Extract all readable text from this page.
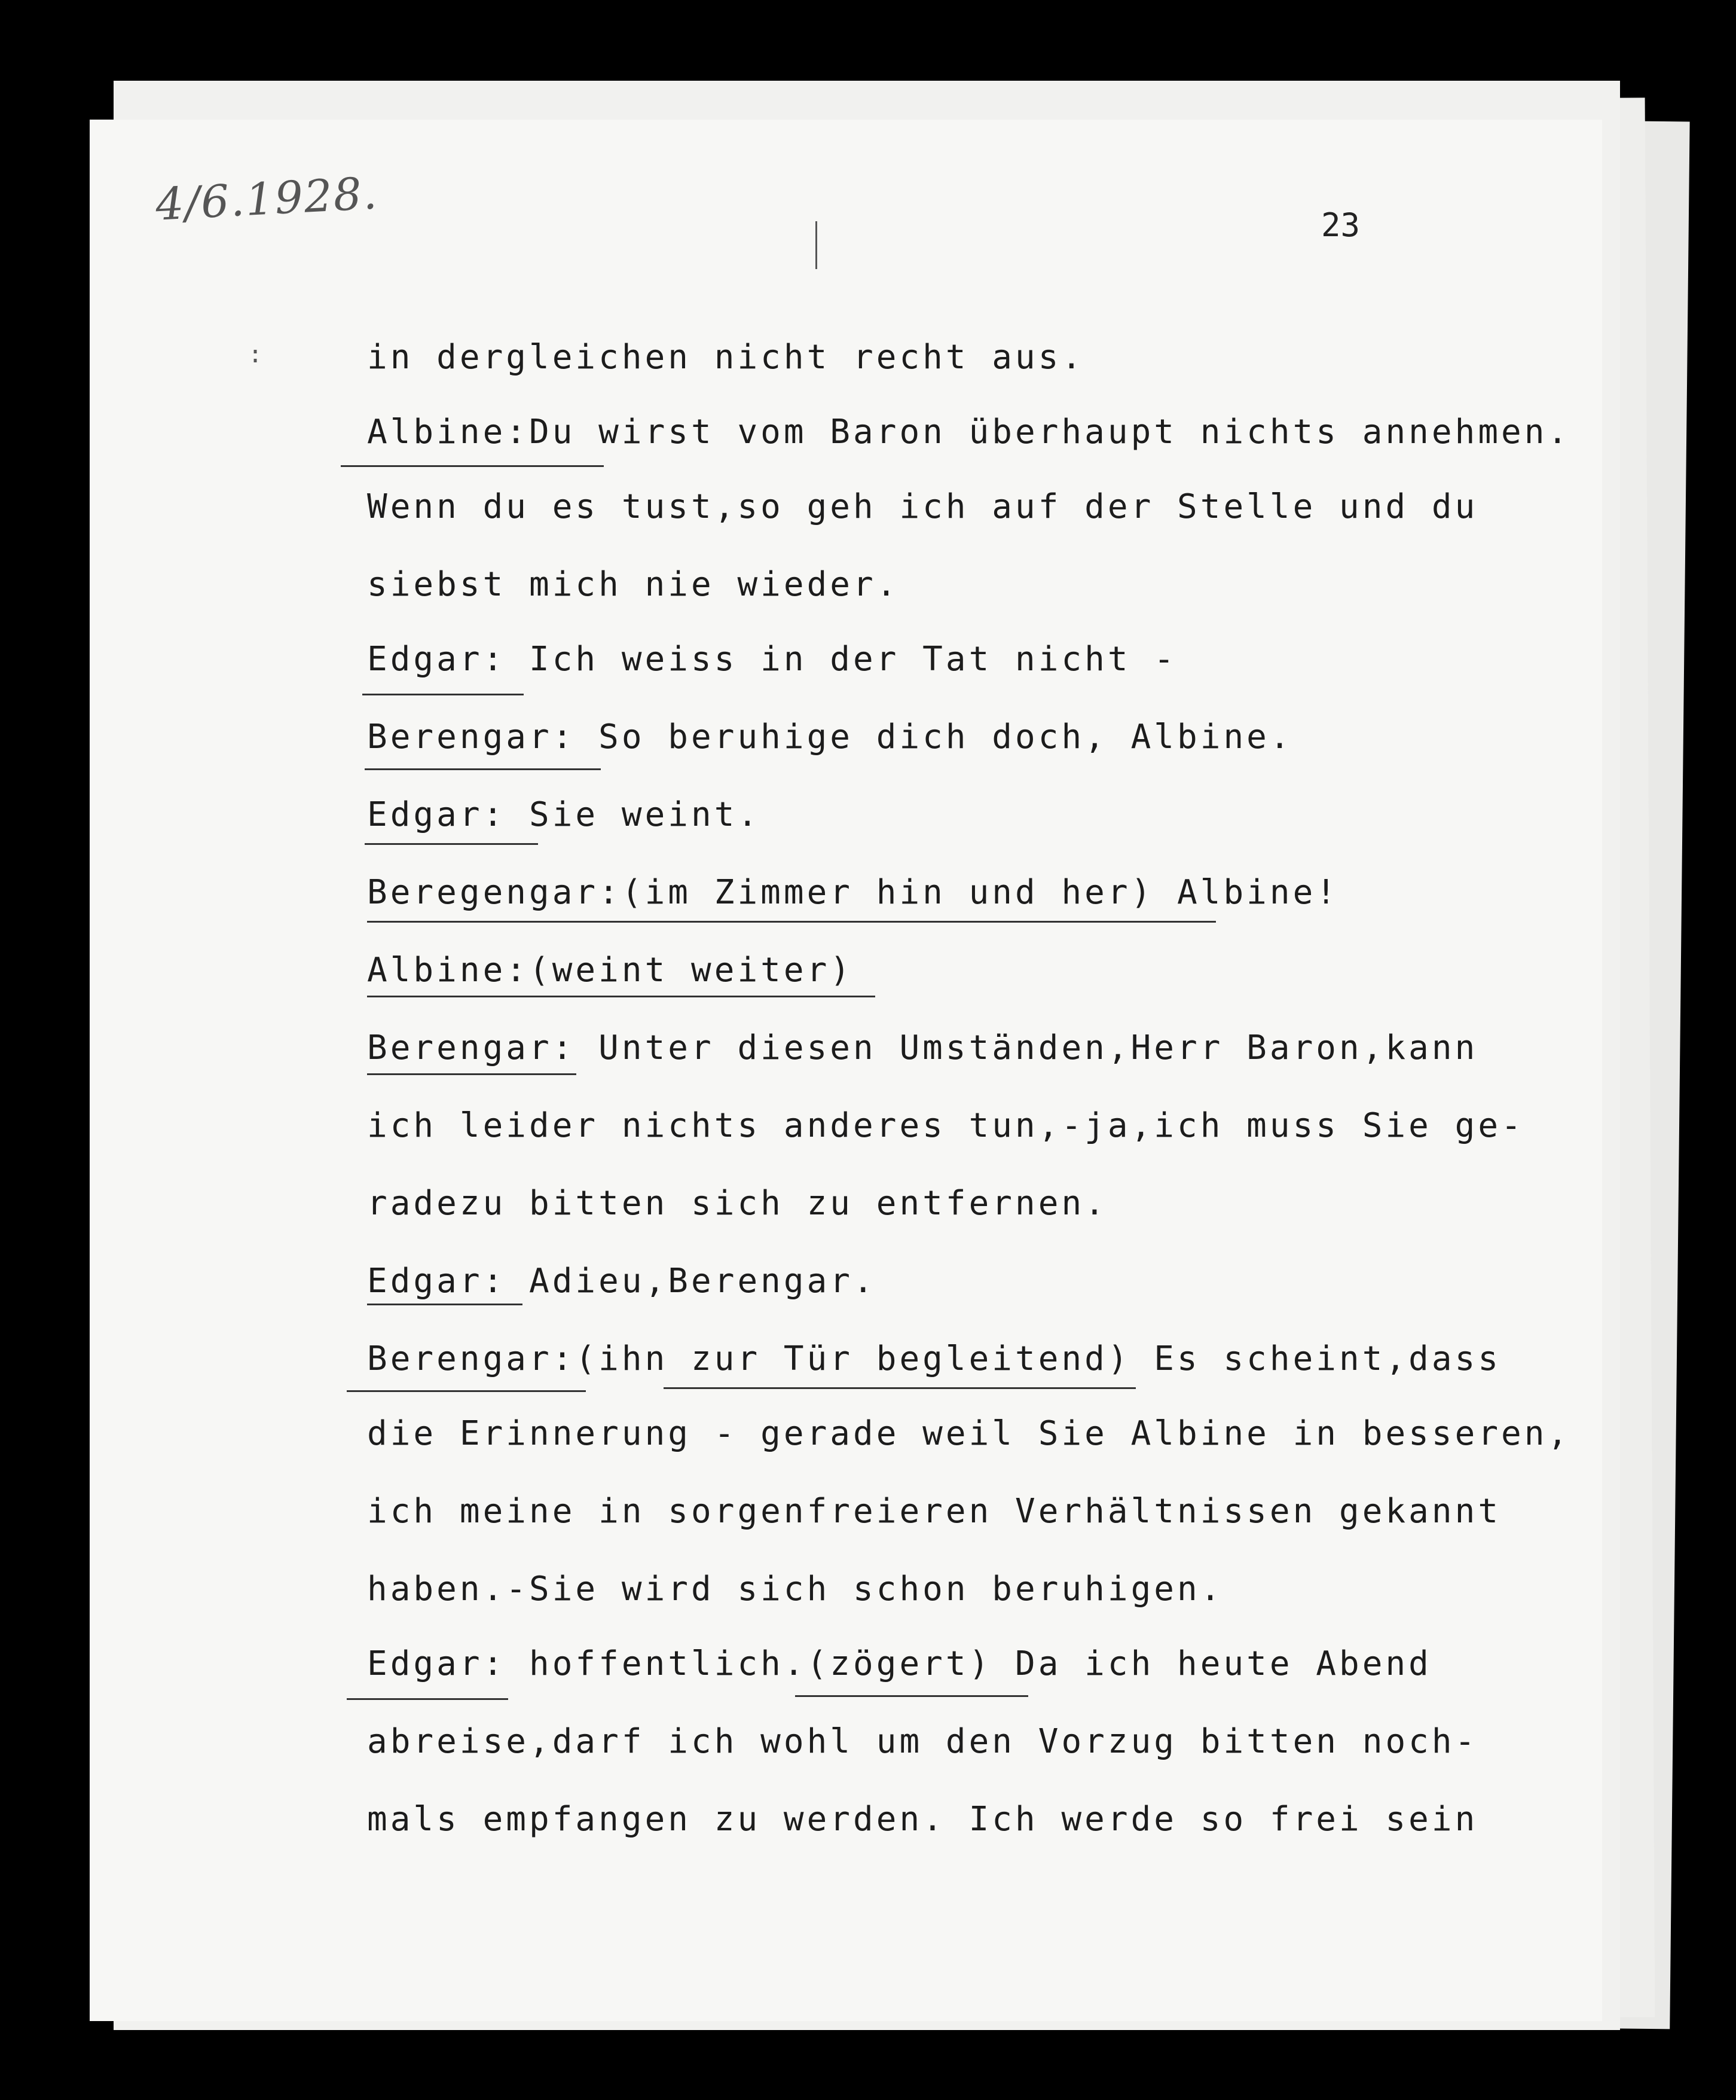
4/6.1928.	23
:	in dergleichen nicht recht aus.
Albine:Du wirst vom Baron überhaupt nichts annehmen.
Wenn du es tust,so geh ich auf der Stelle und du
siebst mich nie wieder.
Edgar: Ich weiss in der Tat nicht -
Berengar: So beruhige dich doch, Albine.
Edgar: Sie weint.
Beregengar:(im Zimmer hin und her) Albine!
Albine:(weint weiter)
Berengar: Unter diesen Umständen,Herr Baron,kann
ich leider nichts anderes tun,-ja,ich muss Sie ge-
radezu bitten sich zu entfernen.
Edgar: Adieu,Berengar.
Berengar:(ihn zur Tür begleitend) Es scheint,dass
die Erinnerung - gerade weil Sie Albine in besseren,
ich meine in sorgenfreieren Verhältnissen gekannt
haben.-Sie wird sich schon beruhigen.
Edgar: hoffentlich.(zögert) Da ich heute Abend
abreise,darf ich wohl um den Vorzug bitten noch-
mals empfangen zu werden. Ich werde so frei sein
